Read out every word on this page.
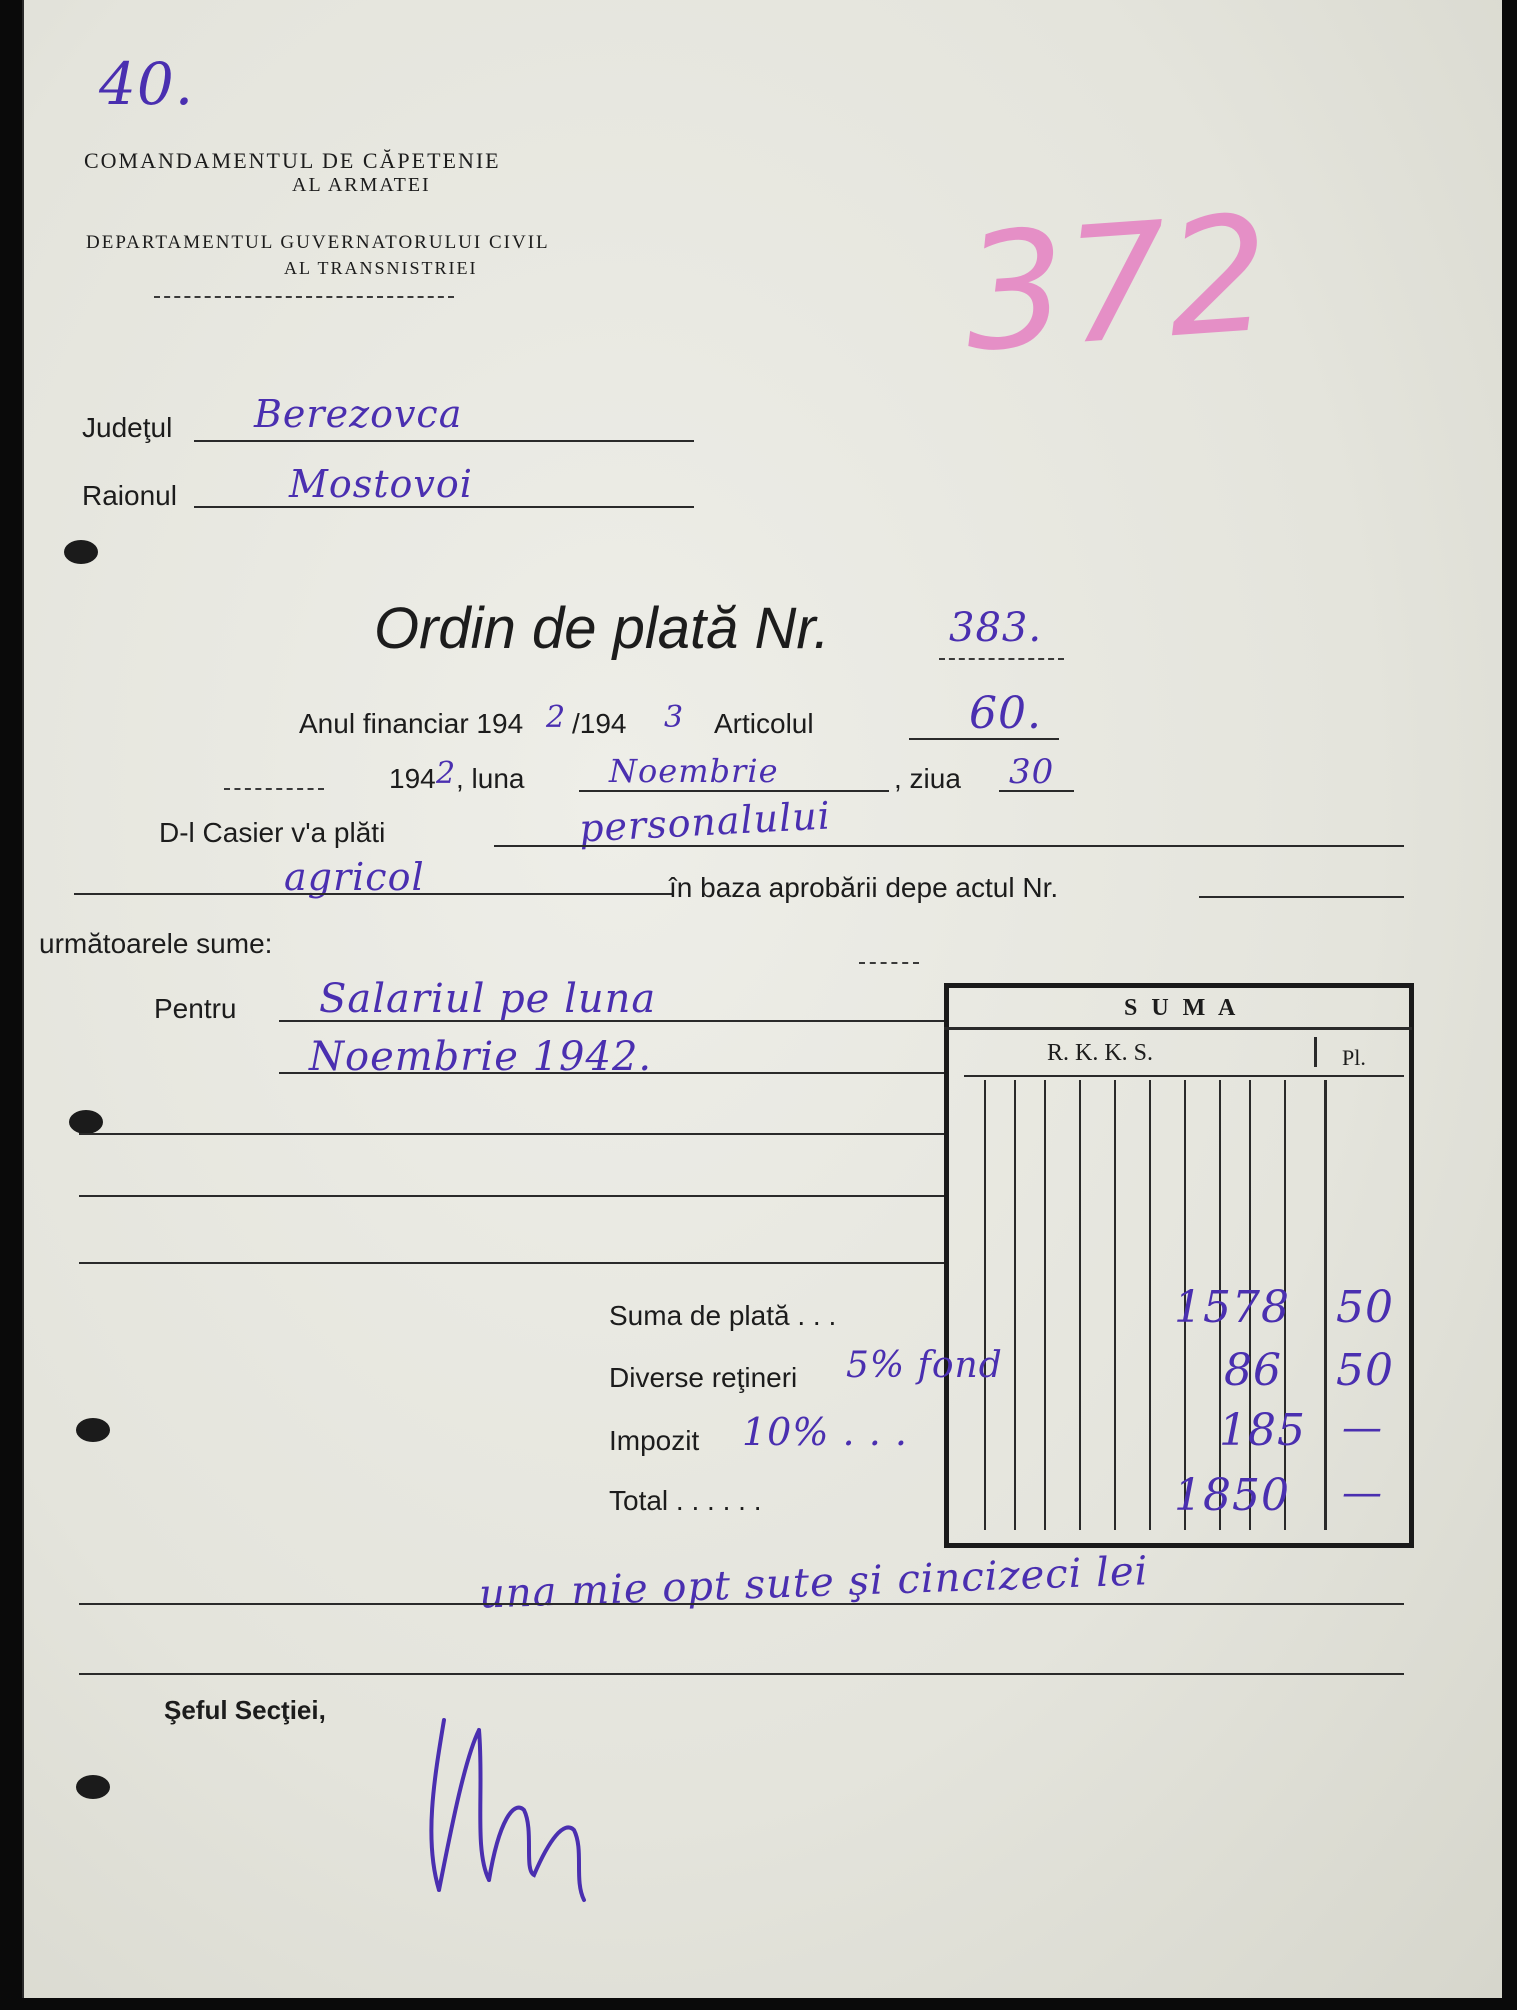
40.
372
COMANDAMENTUL DE CĂPETENIE
AL ARMATEI
DEPARTAMENTUL GUVERNATORULUI CIVIL
AL TRANSNISTRIEI
Judeţul Berezovca
Raionul	Mostovoi
Ordin de plată Nr.	383.
Anul financiar 194 2 /194 3 Articolul	60.
194 2 , luna	Noembrie	, ziua 30
D-l Casier v'a plăti	personalului
agricol	în baza aprobării depe actul Nr.
următoarele sume:
Pentru Salariul pe luna
Noembrie 1942.
S U M A
R. K. K. S.	Pl.
Suma de plată . . .	1578 50
Diverse reţineri 5% fond	86 50
Impozit 10% . . .	185 —
Total . . . . . .	1850 —
una mie opt sute şi cincizeci lei
Şeful Secţiei,
